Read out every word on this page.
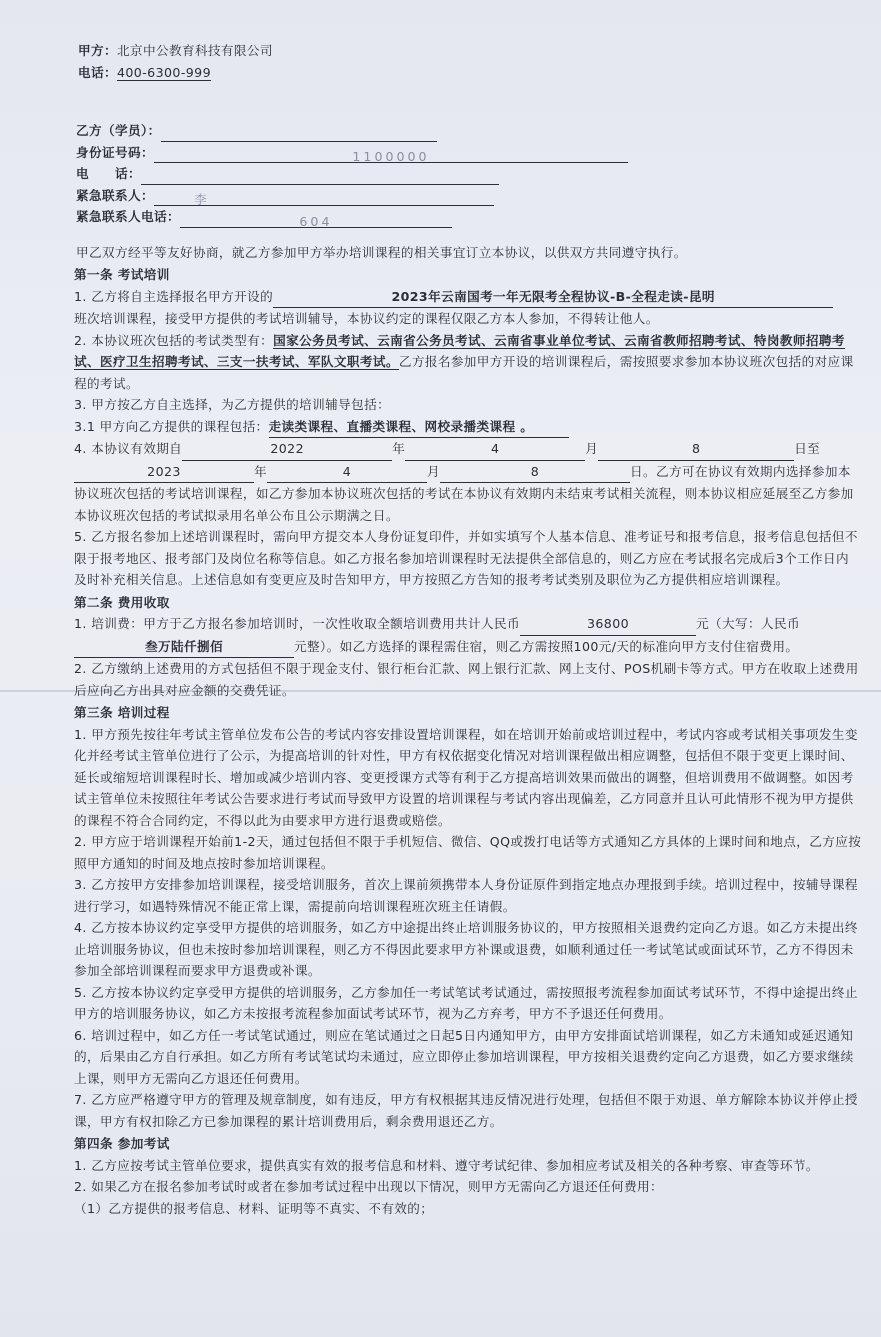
甲方：北京中公教育科技有限公司
电话：400-6300-999
乙方（学员）：
身份证号码：	1100000
电　　话：
紧急联系人：	李
紧急联系人电话：	604

甲乙双方经平等友好协商，就乙方参加甲方举办培训课程的相关事宜订立本协议，以供双方共同遵守执行。

第一条 考试培训

1. 乙方将自主选择报名甲方开设的	2023年云南国考一年无限考全程协议-B-全程走读-昆明
班次培训课程，接受甲方提供的考试培训辅导，本协议约定的课程仅限乙方本人参加，不得转让他人。

2. 本协议班次包括的考试类型有：国家公务员考试、云南省公务员考试、云南省事业单位考试、云南省教师招聘考试、特岗教师招聘考试、医疗卫生招聘考试、三支一扶考试、军队文职考试。乙方报名参加甲方开设的培训课程后，需按照要求参加本协议班次包括的对应课程的考试。

3. 甲方按乙方自主选择，为乙方提供的培训辅导包括：

3.1 甲方向乙方提供的课程包括：走读类课程、直播类课程、网校录播类课程 。

4. 本协议有效期自	2022	年	4	月	8	日至
2023	年	4	月	8	日。乙方可在协议有效期内选择参加本协议班次包括的考试培训课程，如乙方参加本协议班次包括的考试在本协议有效期内未结束考试相关流程，则本协议相应延展至乙方参加本协议班次包括的考试拟录用名单公布且公示期满之日。

5. 乙方报名参加上述培训课程时，需向甲方提交本人身份证复印件，并如实填写个人基本信息、准考证号和报考信息，报考信息包括但不限于报考地区、报考部门及岗位名称等信息。如乙方报名参加培训课程时无法提供全部信息的，则乙方应在考试报名完成后3个工作日内及时补充相关信息。上述信息如有变更应及时告知甲方，甲方按照乙方告知的报考考试类别及职位为乙方提供相应培训课程。

第二条 费用收取

1. 培训费：甲方于乙方报名参加培训时，一次性收取全额培训费用共计人民币	36800	元（大写：人民币叁万陆仟捌佰	元整）。如乙方选择的课程需住宿，则乙方需按照100元/天的标准向甲方支付住宿费用。

2. 乙方缴纳上述费用的方式包括但不限于现金支付、银行柜台汇款、网上银行汇款、网上支付、POS机刷卡等方式。甲方在收取上述费用后应向乙方出具对应金额的交费凭证。

第三条 培训过程

1. 甲方预先按往年考试主管单位发布公告的考试内容安排设置培训课程，如在培训开始前或培训过程中，考试内容或考试相关事项发生变化并经考试主管单位进行了公示，为提高培训的针对性，甲方有权依据变化情况对培训课程做出相应调整，包括但不限于变更上课时间、延长或缩短培训课程时长、增加或减少培训内容、变更授课方式等有利于乙方提高培训效果而做出的调整，但培训费用不做调整。如因考试主管单位未按照往年考试公告要求进行考试而导致甲方设置的培训课程与考试内容出现偏差，乙方同意并且认可此情形不视为甲方提供的课程不符合合同约定，不得以此为由要求甲方进行退费或赔偿。

2. 甲方应于培训课程开始前1-2天，通过包括但不限于手机短信、微信、QQ或拨打电话等方式通知乙方具体的上课时间和地点，乙方应按照甲方通知的时间及地点按时参加培训课程。

3. 乙方按甲方安排参加培训课程，接受培训服务，首次上课前须携带本人身份证原件到指定地点办理报到手续。培训过程中，按辅导课程进行学习，如遇特殊情况不能正常上课，需提前向培训课程班次班主任请假。

4. 乙方按本协议约定享受甲方提供的培训服务，如乙方中途提出终止培训服务协议的，甲方按照相关退费约定向乙方退。如乙方未提出终止培训服务协议，但也未按时参加培训课程，则乙方不得因此要求甲方补课或退费，如顺利通过任一考试笔试或面试环节，乙方不得因未参加全部培训课程而要求甲方退费或补课。

5. 乙方按本协议约定享受甲方提供的培训服务，乙方参加任一考试笔试考试通过，需按照报考流程参加面试考试环节，不得中途提出终止甲方的培训服务协议，如乙方未按报考流程参加面试考试环节，视为乙方弃考，甲方不予退还任何费用。

6. 培训过程中，如乙方任一考试笔试通过，则应在笔试通过之日起5日内通知甲方，由甲方安排面试培训课程，如乙方未通知或延迟通知的，后果由乙方自行承担。如乙方所有考试笔试均未通过，应立即停止参加培训课程，甲方按相关退费约定向乙方退费，如乙方要求继续上课，则甲方无需向乙方退还任何费用。

7. 乙方应严格遵守甲方的管理及规章制度，如有违反，甲方有权根据其违反情况进行处理，包括但不限于劝退、单方解除本协议并停止授课，甲方有权扣除乙方已参加课程的累计培训费用后，剩余费用退还乙方。

第四条 参加考试

1. 乙方应按考试主管单位要求，提供真实有效的报考信息和材料、遵守考试纪律、参加相应考试及相关的各种考察、审查等环节。

2. 如果乙方在报名参加考试时或者在参加考试过程中出现以下情况，则甲方无需向乙方退还任何费用：

（1）乙方提供的报考信息、材料、证明等不真实、不有效的；
